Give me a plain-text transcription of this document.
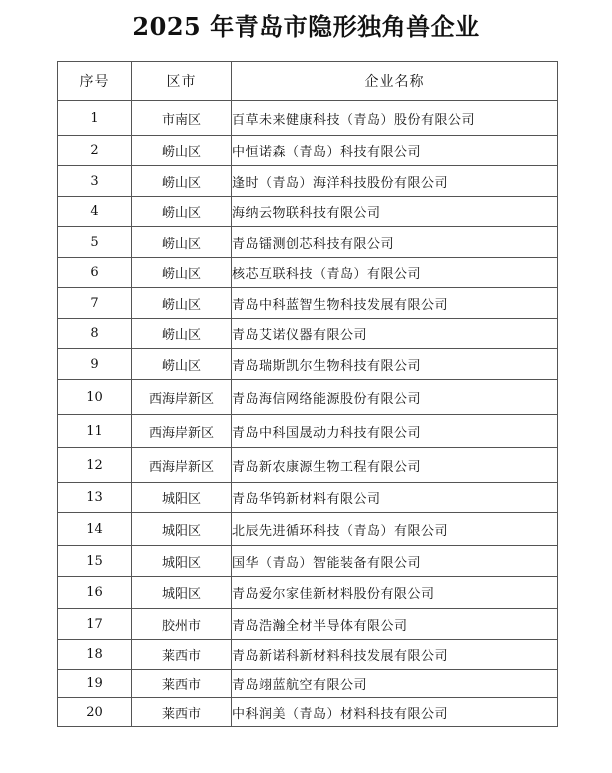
2025 年青岛市隐形独角兽企业
序号	区市	企业名称
1	市南区	百草未来健康科技（青岛）股份有限公司
2	崂山区	中恒诺森（青岛）科技有限公司
3	崂山区	逢时（青岛）海洋科技股份有限公司
4	崂山区	海纳云物联科技有限公司
5	崂山区	青岛镭测创芯科技有限公司
6	崂山区	核芯互联科技（青岛）有限公司
7	崂山区	青岛中科蓝智生物科技发展有限公司
8	崂山区	青岛艾诺仪器有限公司
9	崂山区	青岛瑞斯凯尔生物科技有限公司
10	西海岸新区	青岛海信网络能源股份有限公司
11	西海岸新区	青岛中科国晟动力科技有限公司
12	西海岸新区	青岛新农康源生物工程有限公司
13	城阳区	青岛华钨新材料有限公司
14	城阳区	北辰先进循环科技（青岛）有限公司
15	城阳区	国华（青岛）智能装备有限公司
16	城阳区	青岛爱尔家佳新材料股份有限公司
17	胶州市	青岛浩瀚全材半导体有限公司
18	莱西市	青岛新诺科新材料科技发展有限公司
19	莱西市	青岛翊蓝航空有限公司
20	莱西市	中科润美（青岛）材料科技有限公司
